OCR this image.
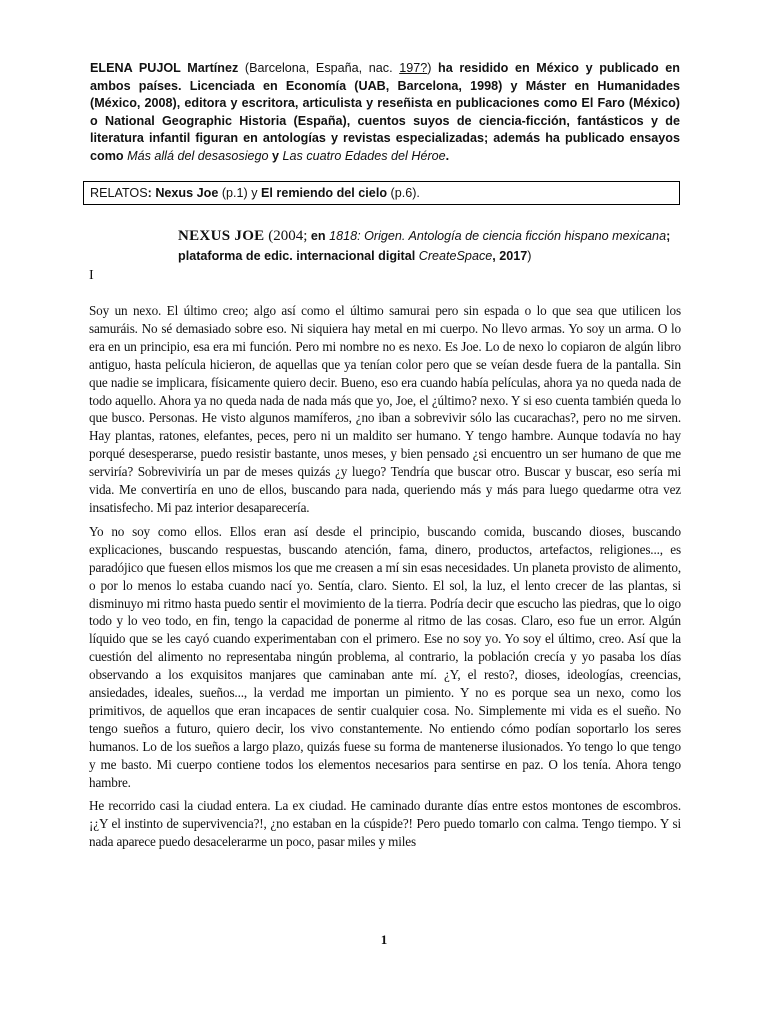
ELENA PUJOL Martínez (Barcelona, España, nac. 197?) ha residido en México y publicado en ambos países. Licenciada en Economía (UAB, Barcelona, 1998) y Máster en Humanidades (México, 2008), editora y escritora, articulista y reseñista en publicaciones como El Faro (México) o National Geographic Historia (España), cuentos suyos de ciencia-ficción, fantásticos y de literatura infantil figuran en antologías y revistas especializadas; además ha publicado ensayos como Más allá del desasosiego y Las cuatro Edades del Héroe.
RELATOS: Nexus Joe (p.1) y El remiendo del cielo (p.6).
NEXUS JOE (2004; en 1818: Origen. Antología de ciencia ficción hispano mexicana;
plataforma de edic. internacional digital CreateSpace, 2017)
I

Soy un nexo. El último creo; algo así como el último samurai pero sin espada o lo que sea que utilicen los samuráis. No sé demasiado sobre eso. Ni siquiera hay metal en mi cuerpo. No llevo armas. Yo soy un arma. O lo era en un principio, esa era mi función. Pero mi nombre no es nexo. Es Joe. Lo de nexo lo copiaron de algún libro antiguo, hasta película hicieron, de aquellas que ya tenían color pero que se veían desde fuera de la pantalla. Sin que nadie se implicara, físicamente quiero decir. Bueno, eso era cuando había películas, ahora ya no queda nada de todo aquello. Ahora ya no queda nada de nada más que yo, Joe, el ¿último? nexo. Y si eso cuenta también queda lo que busco. Personas. He visto algunos mamíferos, ¿no iban a sobrevivir sólo las cucarachas?, pero no me sirven. Hay plantas, ratones, elefantes, peces, pero ni un maldito ser humano. Y tengo hambre. Aunque todavía no hay porqué desesperarse, puedo resistir bastante, unos meses, y bien pensado ¿si encuentro un ser humano de que me serviría? Sobreviviría un par de meses quizás ¿y luego? Tendría que buscar otro. Buscar y buscar, eso sería mi vida. Me convertiría en uno de ellos, buscando para nada, queriendo más y más para luego quedarme otra vez insatisfecho. Mi paz interior desaparecería.

Yo no soy como ellos. Ellos eran así desde el principio, buscando comida, buscando dioses, buscando explicaciones, buscando respuestas, buscando atención, fama, dinero, productos, artefactos, religiones..., es paradójico que fuesen ellos mismos los que me creasen a mí sin esas necesidades. Un planeta provisto de alimento, o por lo menos lo estaba cuando nací yo. Sentía, claro. Siento. El sol, la luz, el lento crecer de las plantas, si disminuyo mi ritmo hasta puedo sentir el movimiento de la tierra. Podría decir que escucho las piedras, que lo oigo todo y lo veo todo, en fin, tengo la capacidad de ponerme al ritmo de las cosas. Claro, eso fue un error. Algún líquido que se les cayó cuando experimentaban con el primero. Ese no soy yo. Yo soy el último, creo. Así que la cuestión del alimento no representaba ningún problema, al contrario, la población crecía y yo pasaba los días observando a los exquisitos manjares que caminaban ante mí. ¿Y, el resto?, dioses, ideologías, creencias, ansiedades, ideales, sueños..., la verdad me importan un pimiento. Y no es porque sea un nexo, como los primitivos, de aquellos que eran incapaces de sentir cualquier cosa. No. Simplemente mi vida es el sueño. No tengo sueños a futuro, quiero decir, los vivo constantemente. No entiendo cómo podían soportarlo los seres humanos. Lo de los sueños a largo plazo, quizás fuese su forma de mantenerse ilusionados. Yo tengo lo que tengo y me basto. Mi cuerpo contiene todos los elementos necesarios para sentirse en paz. O los tenía. Ahora tengo hambre.

He recorrido casi la ciudad entera. La ex ciudad. He caminado durante días entre estos montones de escombros. ¡¿Y el instinto de supervivencia?!, ¿no estaban en la cúspide?! Pero puedo tomarlo con calma. Tengo tiempo. Y si nada aparece puedo desacelerarme un poco, pasar miles y miles

1
